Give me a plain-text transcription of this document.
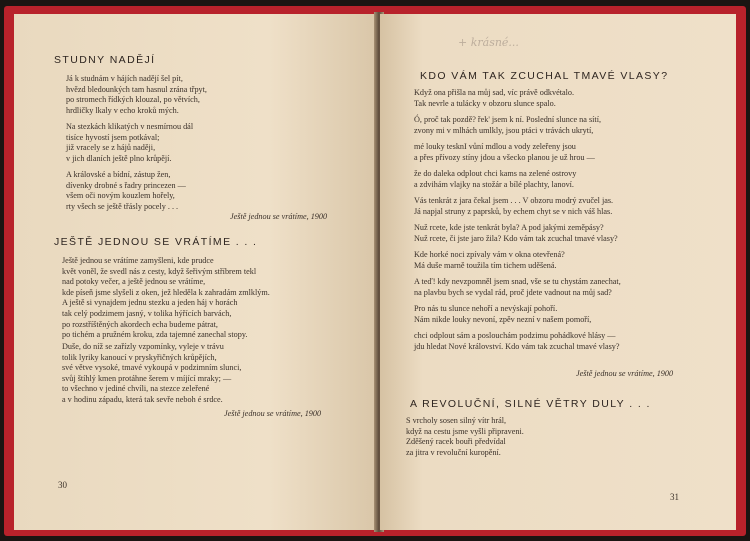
STUDNY NADĚJÍ
Já k studnám v hájích nadějí šel pít,
hvězd bledounkých tam hasnul zrána třpyt,
po stromech řídkých klouzal, po větvích,
hrdličky lkaly v echo kroků mých.
Na stezkách klikatých v nesmírnou dál
tisíce hyvostí jsem potkával;
již vracely se z hájů naději,
v jich dlaních ještě plno krůpějí.
A královské a bídní, zástup žen,
dívenky drobné s řadry princezen —
všem oči novým kouzlem hořely,
rty všech se ještě třásly pocely . . .
Ještě jednou se vrátíme, 1900
JEŠTĚ JEDNOU SE VRÁTÍME . . .
Ještě jednou se vrátíme zamyšleni, kde prudce
květ voněl, že svedl nás z cesty, když šeřivým stříbrem tekl
nad potoky večer, a ještě jednou se vrátíme,
kde píseň jsme slyšeli z oken, jež hleděla k zahradám zmlklým.
A ještě si vynajdem jednu stezku a jeden háj v horách
tak celý podzimem jasný, v tolika hýřících barvách,
po rozstříštěných akordech echa budeme pátrat,
po tichém a pružném kroku, zda tajemné zanechal stopy.
Duše, do níž se zařízly vzpomínky, vyleje v trávu
tolik lyriky kanoucí v pryskyřičných krůpějích,
své větve vysoké, tmavé vykoupá v podzimním slunci,
svůj štíhlý kmen protáhne šerem v míjící mraky; —
to všechno v jediné chvíli, na stezce zeleřené
a v hodinu západu, která tak sevře neboh é srdce.
Ještě jednou se vrátíme, 1900
30
+ krásné...
KDO VÁM TAK ZCUCHAL TMAVÉ VLASY?
Když ona přišla na můj sad, víc právě odkvétalo.
Tak nevrle a tulácky v obzoru slunce spalo.
Ó, proč tak pozdě? řek' jsem k ní. Poslední slunce na sítí,
zvony mi v mlhách umlkly, jsou ptáci v trávách ukrytí,
mé louky tesknI vůní mdlou a vody zeleřeny jsou
a přes přívozy stíny jdou a všecko planou je už hrou —
že do daleka odplout chci kams na zelené ostrovy
a zdvihám vlajky na stožár a bílé plachty, lanoví.
Vás tenkrát z jara čekal jsem . . . V obzoru modrý zvučel jas.
Já napjal struny z paprsků, by echem chyt se v nich váš hlas.
Nuž rcete, kde jste tenkrát byla? A pod jakými zeměpásy?
Nuž rcete, či jste jaro žila? Kdo vám tak zcuchal tmavé vlasy?
Kde horké noci zpívaly vám v okna otevřená?
Má duše marně toužila tím tichem uděšená.
A teď! kdy nevzpomněl jsem snad, vše se tu chystám zanechat,
na plavbu bych se vydal rád, proč jdete vadnout na můj sad?
Pro nás tu slunce nehoří a nevýskají pohoří.
Nám nikde louky nevoní, zpěv nezní v našem pomoří,
chci odplout sám a poslouchám podzimu pohádkové hlásy —
jdu hledat Nové království. Kdo vám tak zcuchal tmavé vlasy?
Ještě jednou se vrátíme, 1900
A REVOLUČNÍ, SILNÉ VĚTRY DULY . . .
S vrcholy sosen silný vítr hrál,
když na cestu jsme vyšli připraveni.
Zděšený racek bouři předvídal
za jitra v revoluční kuropění.
31
